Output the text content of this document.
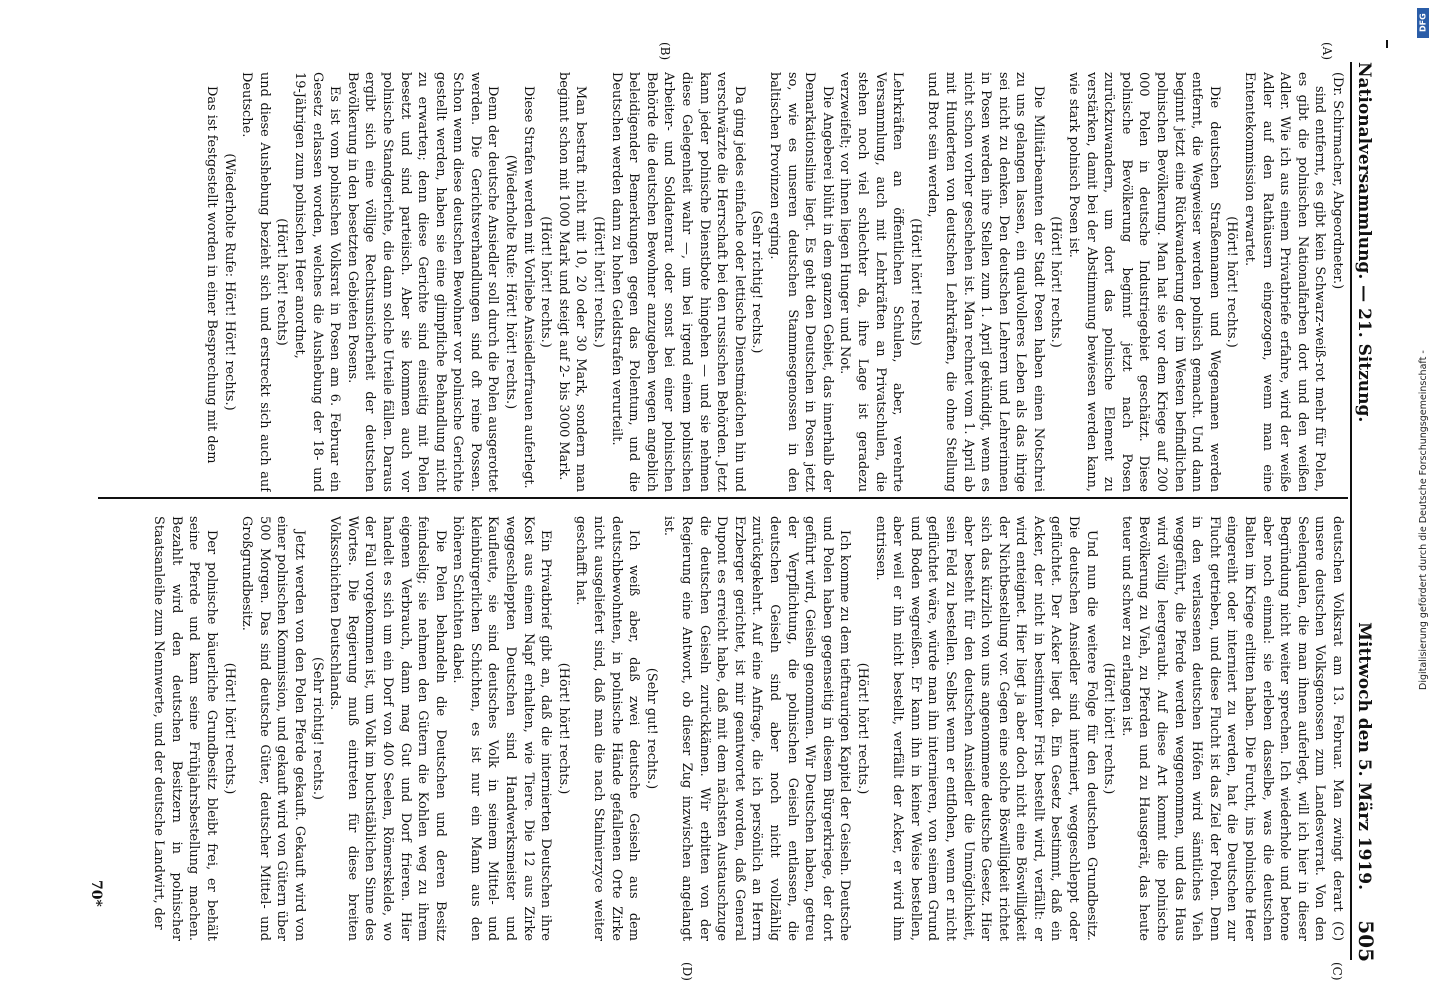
Nationalversammlung. — 21. Sitzung.
Mittwoch den 5. März 1919.
505
(A)
(B)
(C)
(D)

(Dr. Schirmacher, Abgeordneter.)

sind entfernt, es gibt kein Schwarz-weiß-rot mehr für Polen, es gibt die polnischen Nationalfarben dort und den weißen Adler. Wie ich aus einem Privatbriefe erfahre, wird der weiße Adler auf den Rathäusern eingezogen, wenn man eine Ententekommission erwartet.

(Hört! hört! rechts.)

Die deutschen Straßennamen und Wegenamen werden entfernt, die Wegweiser werden polnisch gemacht. Und dann beginnt jetzt eine Rückwanderung der im Westen befindlichen polnischen Bevölkerung. Man hat sie vor dem Kriege auf 200 000 Polen in deutsche Industriegebiet geschätzt. Diese polnische Bevölkerung beginnt jetzt nach Posen zurückzuwandern, um dort das polnische Element zu verstärken, damit bei der Abstimmung bewiesen werden kann, wie stark polnisch Posen ist.

(Hört! hört! rechts.)

Die Militärbeamten der Stadt Posen haben einen Notschrei zu uns gelangen lassen, ein qualvolleres Leben als das ihrige sei nicht zu denken. Den deutschen Lehrern und Lehrerinnen in Posen werden ihre Stellen zum 1. April gekündigt, wenn es nicht schon vorher geschehen ist. Man rechnet vom 1. April ab mit Hunderten von deutschen Lehrkräften, die ohne Stellung und Brot sein werden,

(Hört! hört! rechts)

Lehrkräften an öffentlichen Schulen, aber, verehrte Versammlung, auch mit Lehrkräften an Privatschulen, die stehen noch viel schlechter da, ihre Lage ist geradezu verzweifelt; vor ihnen liegen Hunger und Not.

Die Angeberei blüht in dem ganzen Gebiet, das innerhalb der Demarkationslinie liegt. Es geht den Deutschen in Posen jetzt so, wie es unseren deutschen Stammesgenossen in den baltischen Provinzen erging.

(Sehr richtig! rechts.)

Da ging jedes einfache oder lettische Dienstmädchen hin und verschwärzte die Herrschaft bei den russischen Behörden. Jetzt kann jeder polnische Dienstbote hingehen — und sie nehmen diese Gelegenheit wahr —, um bei irgend einem polnischen Arbeiter- und Soldatenrat oder sonst bei einer polnischen Behörde die deutschen Bewohner anzugeben wegen angeblich beleidigender Bemerkungen gegen das Polentum, und die Deutschen werden dann zu hohen Geldstrafen verurteilt.

(Hört! hört! rechts.)

Man bestraft nicht mit 10, 20 oder 30 Mark, sondern man beginnt schon mit 1000 Mark und steigt auf 2- bis 3000 Mark.

(Hört! hört! rechts.)

Diese Strafen werden mit Vorliebe Ansiedlerfrauen auferlegt.

(Wiederholte Rufe: Hört! hört! rechts.)

Denn der deutsche Ansiedler soll durch die Polen ausgerottet werden. Die Gerichtsverhandlungen sind oft reine Possen. Schon wenn diese deutschen Bewohner vor polnische Gerichte gestellt werden, haben sie eine glimpfliche Behandlung nicht zu erwarten; denn diese Gerichte sind einseitig mit Polen besetzt und sind parteiisch. Aber sie kommen auch vor polnische Standgerichte, die dann solche Urteile fällen. Daraus ergibt sich eine völlige Rechtsunsicherheit der deutschen Bevölkerung in den besetzten Gebieten Posens.

Es ist vom polnischen Volksrat in Posen am 6. Februar ein Gesetz erlassen worden, welches die Aushebung der 18- und 19-Jährigen zum polnischen Heer anordnet,

(Hört! hört! rechts)

und diese Aushebung bezieht sich und erstreckt sich auch auf Deutsche.

(Wiederholte Rufe: Hört! Hört! rechts.)

Das ist festgestellt worden in einer Besprechung mit dem

deutschen Volksrat am 13. Februar. Man zwingt derart (C) unsere deutschen Volksgenossen zum Landesverrat. Von den Seelenqualen, die man ihnen auferlegt, will ich hier in dieser Begründung nicht weiter sprechen. Ich wiederhole und betone aber noch einmal: sie erleben dasselbe, was die deutschen Balten im Kriege erlitten haben. Die Furcht, ins polnische Heer eingereiht oder interniert zu werden, hat die Deutschen zur Flucht getrieben, und diese Flucht ist das Ziel der Polen. Denn in den verlassenen deutschen Höfen wird sämtliches Vieh weggeführt, die Pferde werden weggenommen, und das Haus wird völlig leergeraubt. Auf diese Art kommt die polnische Bevölkerung zu Vieh, zu Pferden und zu Hausgerät, das heute teuer und schwer zu erlangen ist.

(Hört! hört! rechts.)

Und nun die weitere Folge für den deutschen Grundbesitz. Die deutschen Ansiedler sind interniert, weggeschleppt oder geflüchtet. Der Acker liegt da. Ein Gesetz bestimmt, daß ein Acker, der nicht in bestimmter Frist bestellt wird, verfällt: er wird enteignet. Hier liegt ja aber doch nicht eine Böswilligkeit der Nichtbestellung vor. Gegen eine solche Böswilligkeit richtet sich das kürzlich von uns angenommene deutsche Gesetz. Hier aber besteht für den deutschen Ansiedler die Unmöglichkeit, sein Feld zu bestellen. Selbst wenn er entflohen, wenn er nicht geflüchtet wäre, würde man ihn internieren, von seinem Grund und Boden wegreißen. Er kann ihn in keiner Weise bestellen, aber weil er ihn nicht bestellt, verfällt der Acker, er wird ihm entrissen.

(Hört! hört! rechts.)

Ich komme zu dem tieftraurigen Kapitel der Geiseln. Deutsche und Polen haben gegenseitig in diesem Bürgerkriege, der dort geführt wird, Geiseln genommen. Wir Deutschen haben, getreu der Verpflichtung, die polnischen Geiseln entlassen, die deutschen Geiseln sind aber noch nicht vollzählig zurückgekehrt. Auf eine Anfrage, die ich persönlich an Herrn Erzberger gerichtet, ist mir geantwortet worden, daß General Dupont es erreicht habe, daß mit dem nächsten Austauschzuge die deutschen Geiseln zurückkämen. Wir erbitten von der Regierung eine Antwort, ob dieser Zug inzwischen angelangt ist.

(Sehr gut! rechts.)

Ich weiß aber, daß zwei deutsche Geiseln aus dem deutschbewohnten, in polnische Hände gefallenen Orte Zirke nicht ausgeliefert sind, daß man die nach Stalmierzyce weiter geschafft hat.

(Hört! hört! rechts.)

Ein Privatbrief gibt an, daß die internierten Deutschen ihre Kost aus einem Napf erhalten, wie Tiere. Die 12 aus Zirke weggeschleppten Deutschen sind Handwerksmeister und Kaufleute, sie sind deutsches Volk in seinem Mittel- und kleinbürgerlichen Schichten, es ist nur ein Mann aus den höheren Schichten dabei.

Die Polen behandeln die Deutschen und deren Besitz feindselig; sie nehmen den Gütern die Kohlen weg zu ihrem eigenen Verbrauch, dann mag Gut und Dorf frieren. Hier handelt es sich um ein Dorf von 400 Seelen, Römerskelde, wo der Fall vorgekommen ist, um Volk im buchstäblichen Sinne des Wortes. Die Regierung muß eintreten für diese breiten Volksschichten Deutschlands.

(Sehr richtig! rechts.)

Jetzt werden von den Polen Pferde gekauft. Gekauft wird von einer polnischen Kommission, und gekauft wird von Gütern über 500 Morgen. Das sind deutsche Güter, deutscher Mittel- und Großgrundbesitz.

(Hört! hört! rechts.)

Der polnische bäuerliche Grundbesitz bleibt frei, er behält seine Pferde und kann seine Frühjahrsbestellung machen. Bezahlt wird den deutschen Besitzern in polnischer Staatsanleihe zum Nennwerte, und der deutsche Landwirt, der

70*
DFG
Digitalisierung gefördert durch die Deutsche Forschungsgemeinschaft -
